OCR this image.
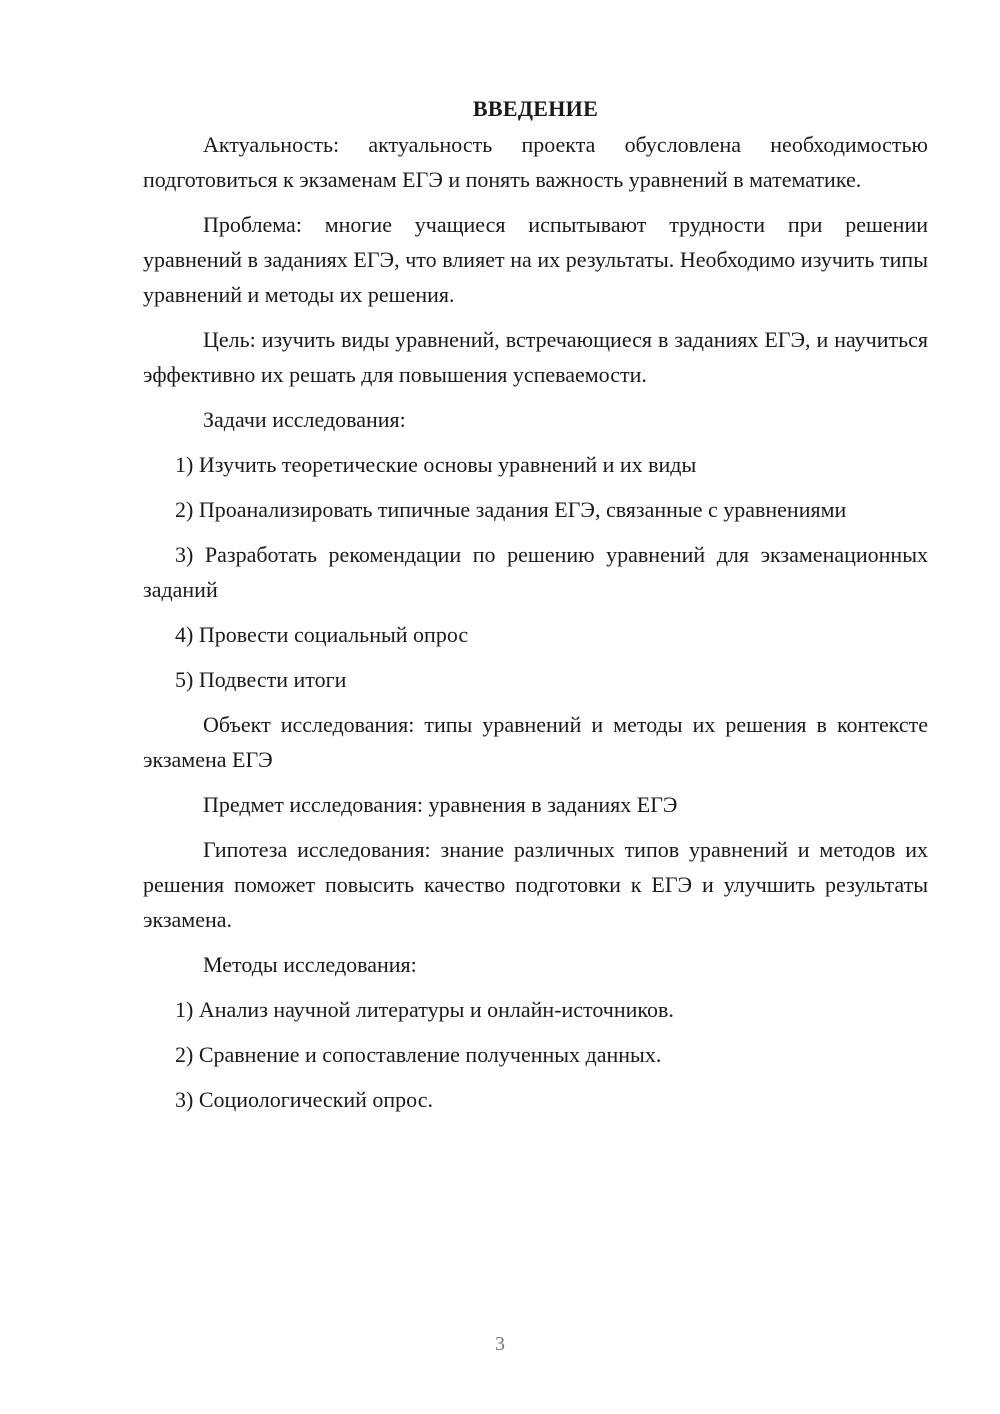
ВВЕДЕНИЕ

Актуальность: актуальность проекта обусловлена необходимостью подготовиться к экзаменам ЕГЭ и понять важность уравнений в математике.

Проблема: многие учащиеся испытывают трудности при решении уравнений в заданиях ЕГЭ, что влияет на их результаты. Необходимо изучить типы уравнений и методы их решения.

Цель: изучить виды уравнений, встречающиеся в заданиях ЕГЭ, и научиться эффективно их решать для повышения успеваемости.

Задачи исследования:

1) Изучить теоретические основы уравнений и их виды

2) Проанализировать типичные задания ЕГЭ, связанные с уравнениями

3) Разработать рекомендации по решению уравнений для экзаменационных заданий

4) Провести социальный опрос

5) Подвести итоги

Объект исследования: типы уравнений и методы их решения в контексте экзамена ЕГЭ

Предмет исследования: уравнения в заданиях ЕГЭ

Гипотеза исследования: знание различных типов уравнений и методов их решения поможет повысить качество подготовки к ЕГЭ и улучшить результаты экзамена.

Методы исследования:

1) Анализ научной литературы и онлайн-источников.

2) Сравнение и сопоставление полученных данных.

3) Социологический опрос.

3
